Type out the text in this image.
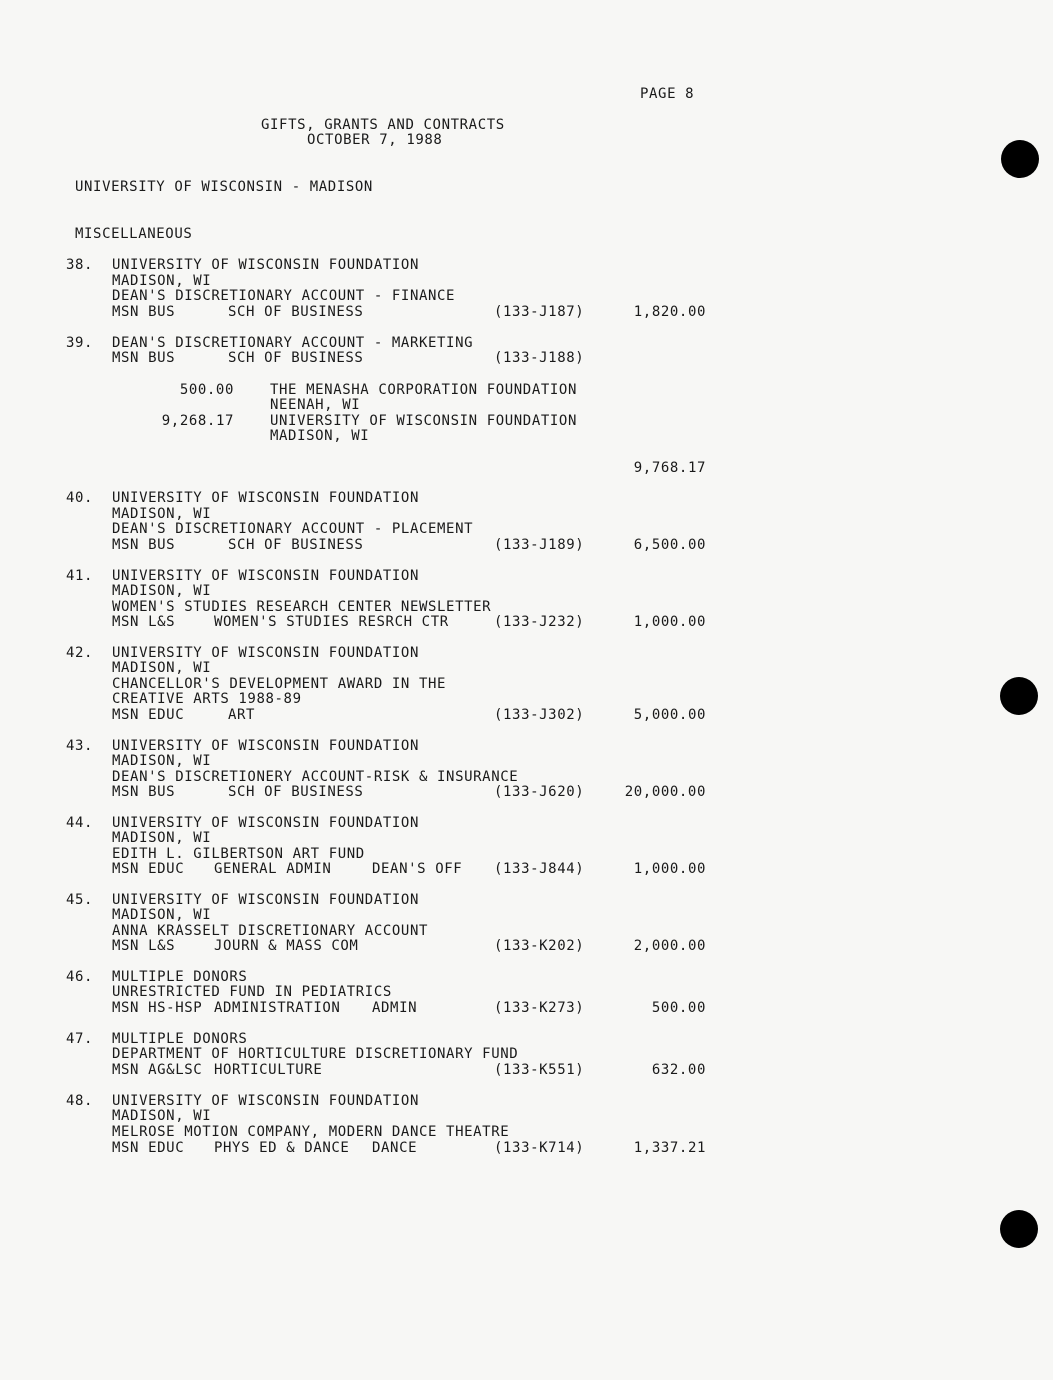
PAGE 8
GIFTS, GRANTS AND CONTRACTS
OCTOBER 7, 1988
UNIVERSITY OF WISCONSIN - MADISON
MISCELLANEOUS
38. UNIVERSITY OF WISCONSIN FOUNDATION
MADISON, WI
DEAN'S DISCRETIONARY ACCOUNT - FINANCE
MSN BUS	SCH OF BUSINESS	(133-J187)	1,820.00
39. DEAN'S DISCRETIONARY ACCOUNT - MARKETING
MSN BUS	SCH OF BUSINESS	(133-J188)
500.00	THE MENASHA CORPORATION FOUNDATION
NEENAH, WI
9,268.17	UNIVERSITY OF WISCONSIN FOUNDATION
MADISON, WI
9,768.17
40. UNIVERSITY OF WISCONSIN FOUNDATION
MADISON, WI
DEAN'S DISCRETIONARY ACCOUNT - PLACEMENT
MSN BUS	SCH OF BUSINESS	(133-J189)	6,500.00
41. UNIVERSITY OF WISCONSIN FOUNDATION
MADISON, WI
WOMEN'S STUDIES RESEARCH CENTER NEWSLETTER
MSN L&S	WOMEN'S STUDIES RESRCH CTR	(133-J232)	1,000.00
42. UNIVERSITY OF WISCONSIN FOUNDATION
MADISON, WI
CHANCELLOR'S DEVELOPMENT AWARD IN THE
CREATIVE ARTS 1988-89
MSN EDUC	ART	(133-J302)	5,000.00
43. UNIVERSITY OF WISCONSIN FOUNDATION
MADISON, WI
DEAN'S DISCRETIONERY ACCOUNT-RISK & INSURANCE
MSN BUS	SCH OF BUSINESS	(133-J620)	20,000.00
44. UNIVERSITY OF WISCONSIN FOUNDATION
MADISON, WI
EDITH L. GILBERTSON ART FUND
MSN EDUC GENERAL ADMIN	DEAN'S OFF (133-J844)	1,000.00
45. UNIVERSITY OF WISCONSIN FOUNDATION
MADISON, WI
ANNA KRASSELT DISCRETIONARY ACCOUNT
MSN L&S	JOURN & MASS COM	(133-K202)	2,000.00
46. MULTIPLE DONORS
UNRESTRICTED FUND IN PEDIATRICS
MSN HS-HSP ADMINISTRATION ADMIN	(133-K273)	500.00
47. MULTIPLE DONORS
DEPARTMENT OF HORTICULTURE DISCRETIONARY FUND
MSN AG&LSC HORTICULTURE	(133-K551)	632.00
48. UNIVERSITY OF WISCONSIN FOUNDATION
MADISON, WI
MELROSE MOTION COMPANY, MODERN DANCE THEATRE
MSN EDUC PHYS ED & DANCE DANCE	(133-K714)	1,337.21
